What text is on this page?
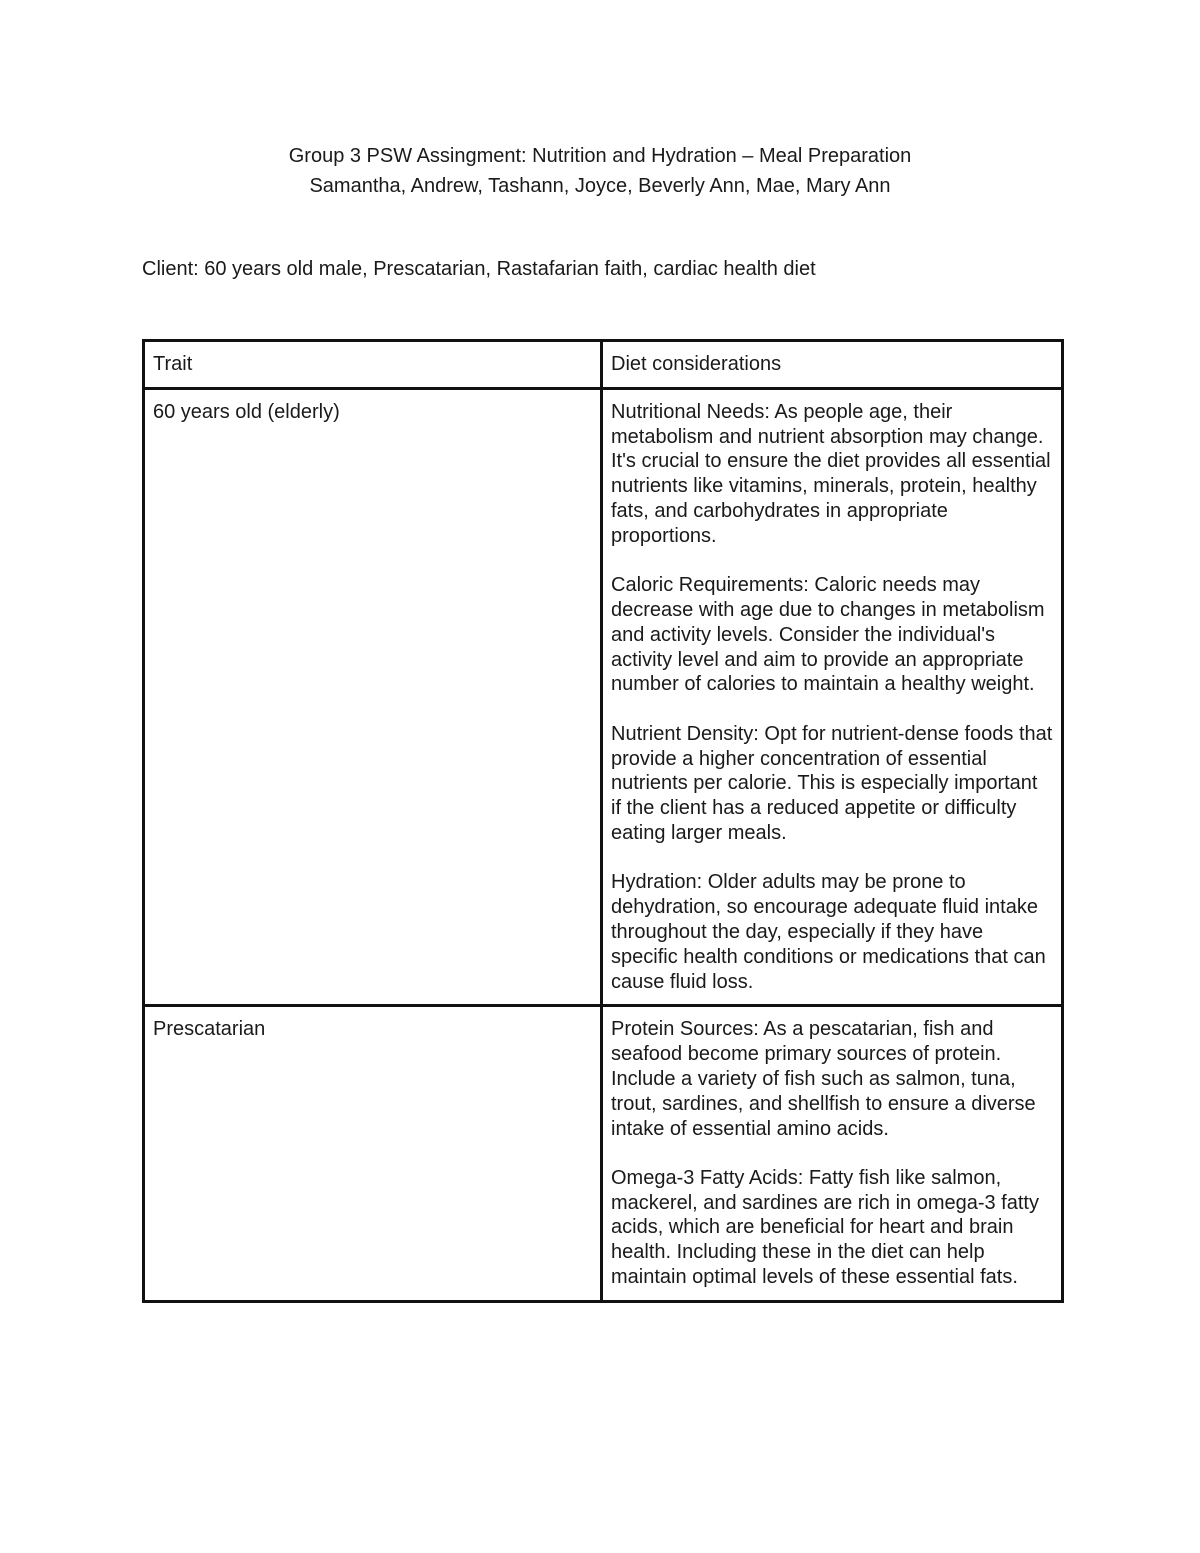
Group 3 PSW Assingment: Nutrition and Hydration – Meal Preparation
Samantha, Andrew, Tashann, Joyce, Beverly Ann, Mae, Mary Ann
Client: 60 years old male, Prescatarian, Rastafarian faith, cardiac health diet
Trait	Diet considerations
60 years old (elderly)	Nutritional Needs: As people age, their metabolism and nutrient absorption may change. It's crucial to ensure the diet provides all essential nutrients like vitamins, minerals, protein, healthy fats, and carbohydrates in appropriate proportions.

Caloric Requirements: Caloric needs may decrease with age due to changes in metabolism and activity levels. Consider the individual's activity level and aim to provide an appropriate number of calories to maintain a healthy weight.

Nutrient Density: Opt for nutrient-dense foods that provide a higher concentration of essential nutrients per calorie. This is especially important if the client has a reduced appetite or difficulty eating larger meals.

Hydration: Older adults may be prone to dehydration, so encourage adequate fluid intake throughout the day, especially if they have specific health conditions or medications that can cause fluid loss.

Prescatarian	Protein Sources: As a pescatarian, fish and seafood become primary sources of protein. Include a variety of fish such as salmon, tuna, trout, sardines, and shellfish to ensure a diverse intake of essential amino acids.

Omega-3 Fatty Acids: Fatty fish like salmon, mackerel, and sardines are rich in omega-3 fatty acids, which are beneficial for heart and brain health. Including these in the diet can help maintain optimal levels of these essential fats.
